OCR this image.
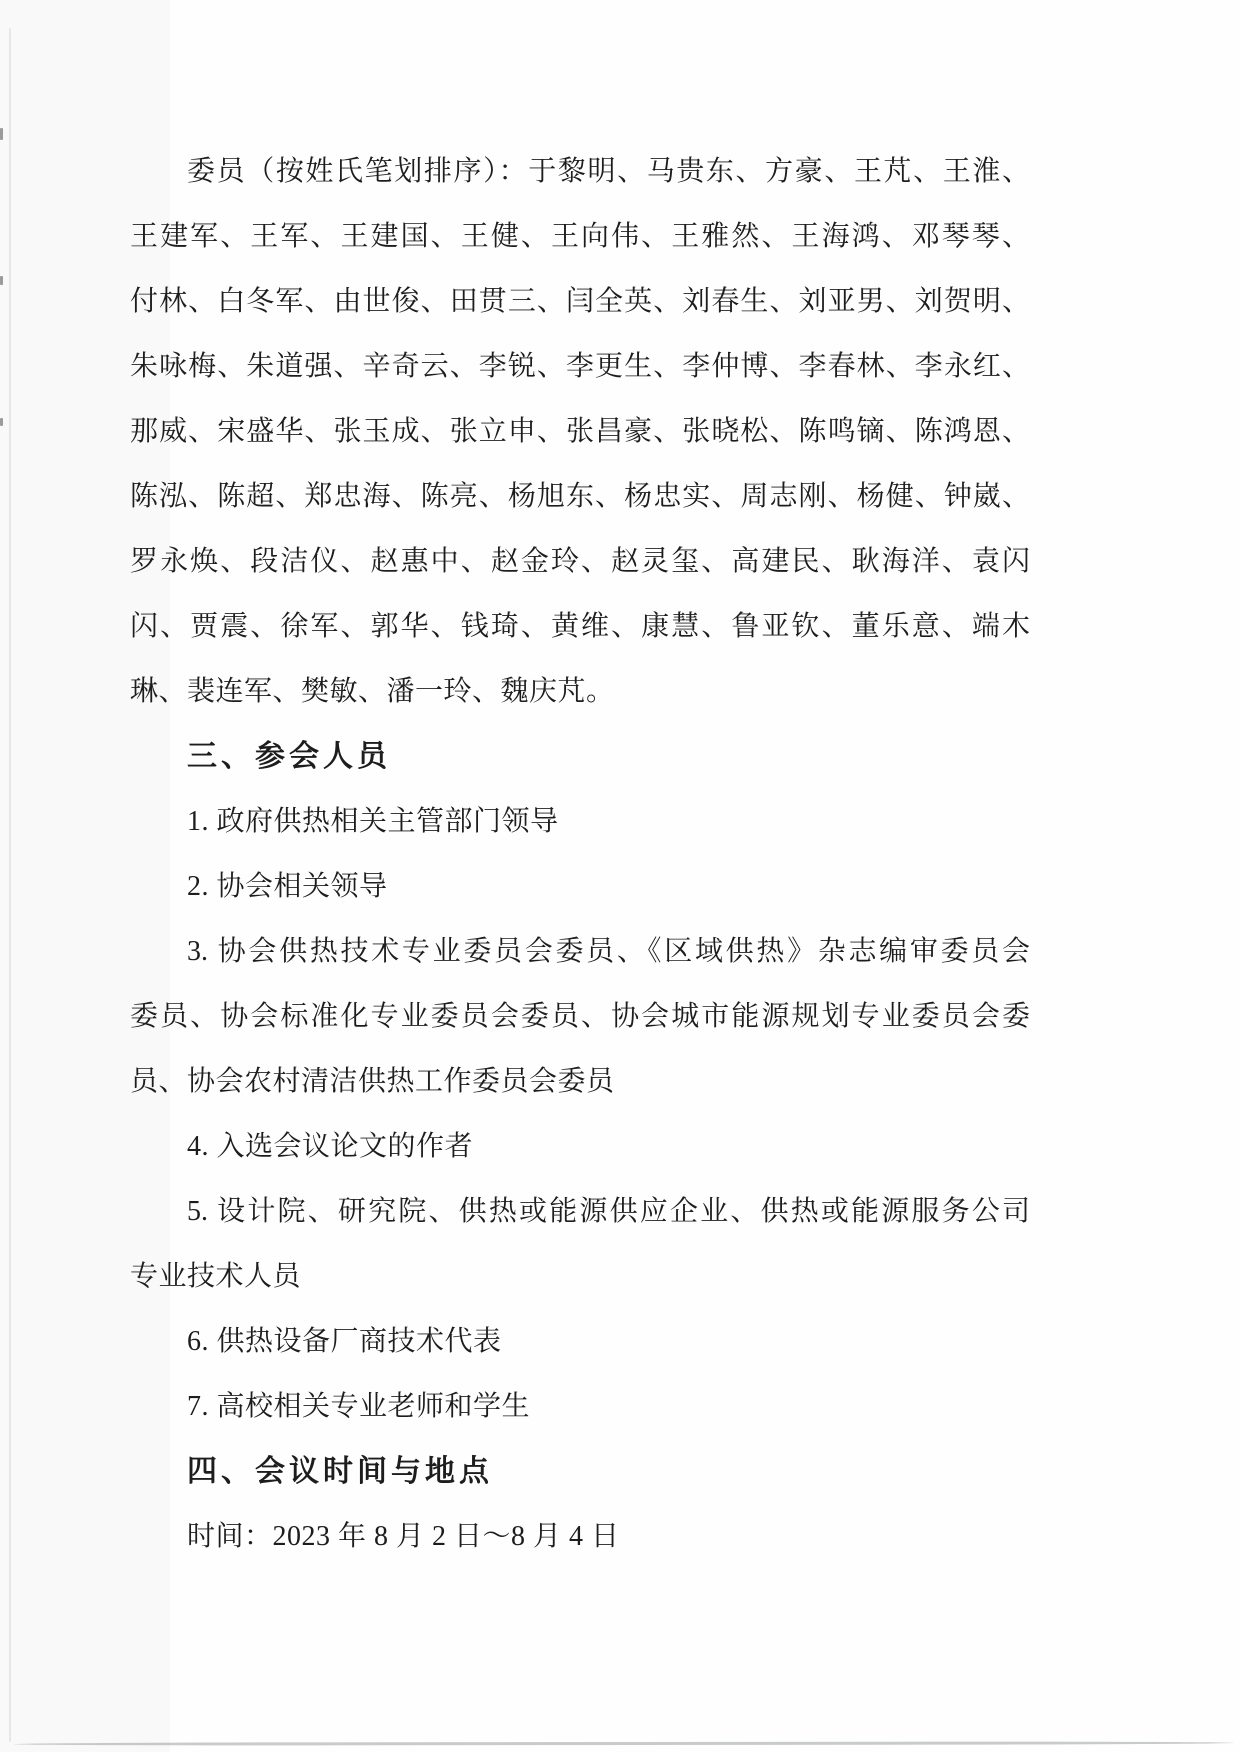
委员（按姓氏笔划排序）：于黎明、马贵东、方豪、王芃、王淮、
王建军、王军、王建国、王健、王向伟、王雅然、王海鸿、邓琴琴、
付林、白冬军、由世俊、田贯三、闫全英、刘春生、刘亚男、刘贺明、
朱咏梅、朱道强、辛奇云、李锐、李更生、李仲博、李春林、李永红、
那威、宋盛华、张玉成、张立申、张昌豪、张晓松、陈鸣镝、陈鸿恩、
陈泓、陈超、郑忠海、陈亮、杨旭东、杨忠实、周志刚、杨健、钟崴、
罗永焕、段洁仪、赵惠中、赵金玲、赵灵玺、高建民、耿海洋、袁闪
闪、贾震、徐军、郭华、钱琦、黄维、康慧、鲁亚钦、董乐意、端木
琳、裴连军、樊敏、潘一玲、魏庆芃。
三、参会人员
1. 政府供热相关主管部门领导
2. 协会相关领导
3. 协会供热技术专业委员会委员、《区域供热》杂志编审委员会
委员、协会标准化专业委员会委员、协会城市能源规划专业委员会委
员、协会农村清洁供热工作委员会委员
4. 入选会议论文的作者
5. 设计院、研究院、供热或能源供应企业、供热或能源服务公司
专业技术人员
6. 供热设备厂商技术代表
7. 高校相关专业老师和学生
四、会议时间与地点
时间：2023 年 8 月 2 日～8 月 4 日
